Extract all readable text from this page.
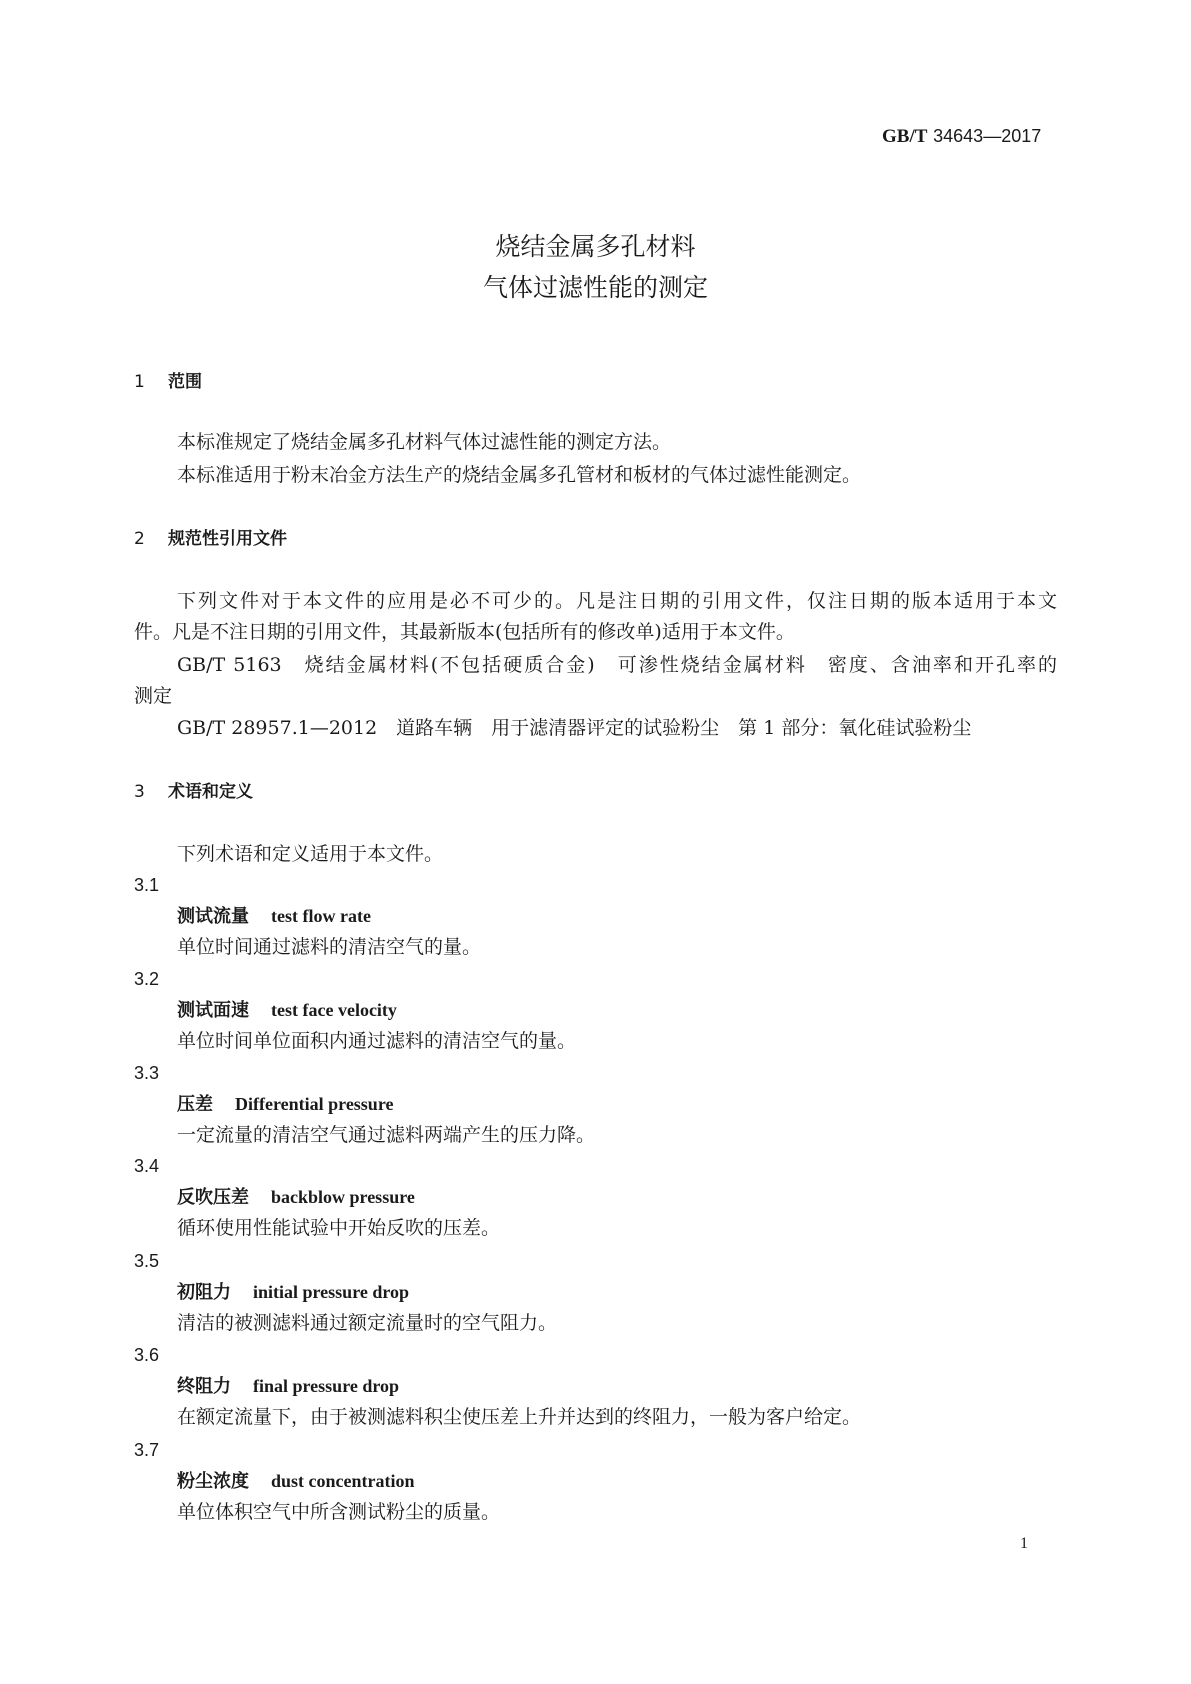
GB/T 34643—2017
烧结金属多孔材料
气体过滤性能的测定
1 范围
本标准规定了烧结金属多孔材料气体过滤性能的测定方法。
本标准适用于粉末冶金方法生产的烧结金属多孔管材和板材的气体过滤性能测定。
2 规范性引用文件
下列文件对于本文件的应用是必不可少的。凡是注日期的引用文件，仅注日期的版本适用于本文
件。凡是不注日期的引用文件，其最新版本(包括所有的修改单)适用于本文件。
GB/T 5163　烧结金属材料(不包括硬质合金)　可渗性烧结金属材料　密度、含油率和开孔率的
测定
GB/T 28957.1—2012　道路车辆　用于滤清器评定的试验粉尘　第 1 部分：氧化硅试验粉尘
3 术语和定义
下列术语和定义适用于本文件。
3.1
测试流量 test flow rate
单位时间通过滤料的清洁空气的量。
3.2
测试面速 test face velocity
单位时间单位面积内通过滤料的清洁空气的量。
3.3
压差 Differential pressure
一定流量的清洁空气通过滤料两端产生的压力降。
3.4
反吹压差 backblow pressure
循环使用性能试验中开始反吹的压差。
3.5
初阻力 initial pressure drop
清洁的被测滤料通过额定流量时的空气阻力。
3.6
终阻力 final pressure drop
在额定流量下，由于被测滤料积尘使压差上升并达到的终阻力，一般为客户给定。
3.7
粉尘浓度 dust concentration
单位体积空气中所含测试粉尘的质量。
1
